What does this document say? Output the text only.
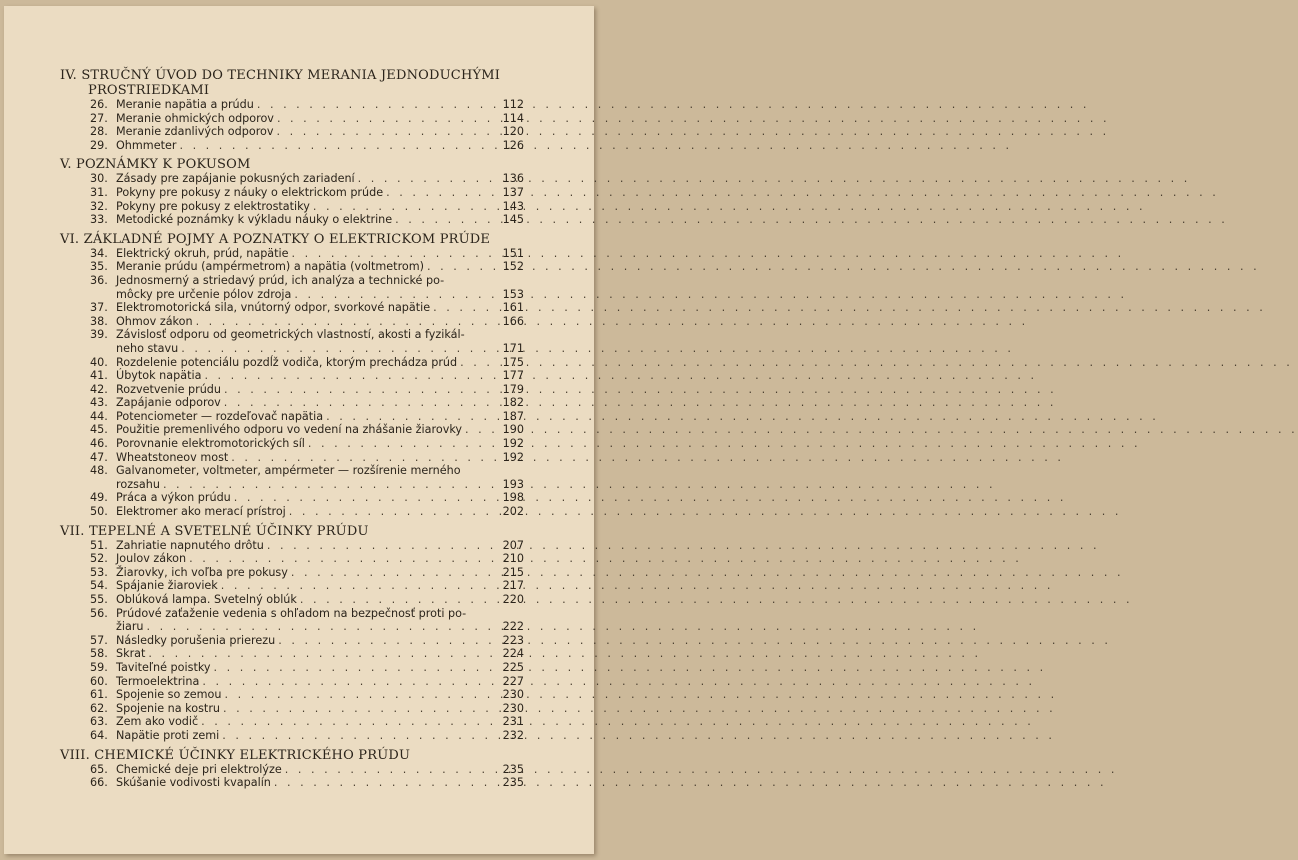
IV. STRUČNÝ ÚVOD DO TECHNIKY MERANIA JEDNODUCHÝMI
PROSTRIEDKAMI
26. Meranie napätia a prúdu . . .	112
27. Meranie ohmických odporov . . .	114
28. Meranie zdanlivých odporov . . .	120
29. Ohmmeter . . .	126
V. POZNÁMKY K POKUSOM
30. Zásady pre zapájanie pokusných zariadení . . .	136
31. Pokyny pre pokusy z náuky o elektrickom prúde . . .	137
32. Pokyny pre pokusy z elektrostatiky . . .	143
33. Metodické poznámky k výkladu náuky o elektrine . . .	145
VI. ZÁKLADNÉ POJMY A POZNATKY O ELEKTRICKOM PRÚDE
34. Elektrický okruh, prúd, napätie . . .	151
35. Meranie prúdu (ampérmetrom) a napätia (voltmetrom) . . .	152
36. Jednosmerný a striedavý prúd, ich analýza a technické po-
môcky pre určenie pólov zdroja . . .	153
37. Elektromotorická sila, vnútorný odpor, svorkové napätie . . .	161
38. Ohmov zákon . . .	166
39. Závislosť odporu od geometrických vlastností, akosti a fyzikál-
neho stavu . . .	171
40. Rozdelenie potenciálu pozdĺž vodiča, ktorým prechádza prúd . . .	175
41. Úbytok napätia . . .	177
42. Rozvetvenie prúdu . . .	179
43. Zapájanie odporov . . .	182
44. Potenciometer — rozdeľovač napätia . . .	187
45. Použitie premenlivého odporu vo vedení na zhášanie žiarovky . . .	190
46. Porovnanie elektromotorických síl . . .	192
47. Wheatstoneov most . . .	192
48. Galvanometer, voltmeter, ampérmeter — rozšírenie merného
rozsahu . . .	193
49. Práca a výkon prúdu . . .	198
50. Elektromer ako merací prístroj . . .	202
VII. TEPELNÉ A SVETELNÉ ÚČINKY PRÚDU
51. Zahriatie napnutého drôtu . . .	207
52. Joulov zákon . . .	210
53. Žiarovky, ich voľba pre pokusy . . .	215
54. Spájanie žiaroviek . . .	217
55. Oblúková lampa. Svetelný oblúk . . .	220
56. Prúdové zaťaženie vedenia s ohľadom na bezpečnosť proti po-
žiaru . . .	222
57. Následky porušenia prierezu . . .	223
58. Skrat . . .	224
59. Taviteľné poistky . . .	225
60. Termoelektrina . . .	227
61. Spojenie so zemou . . .	230
62. Spojenie na kostru . . .	230
63. Zem ako vodič . . .	231
64. Napätie proti zemi . . .	232
VIII. CHEMICKÉ ÚČINKY ELEKTRICKÉHO PRÚDU
65. Chemické deje pri elektrolýze . . .	235
66. Skúšanie vodivosti kvapalín . . .	235
